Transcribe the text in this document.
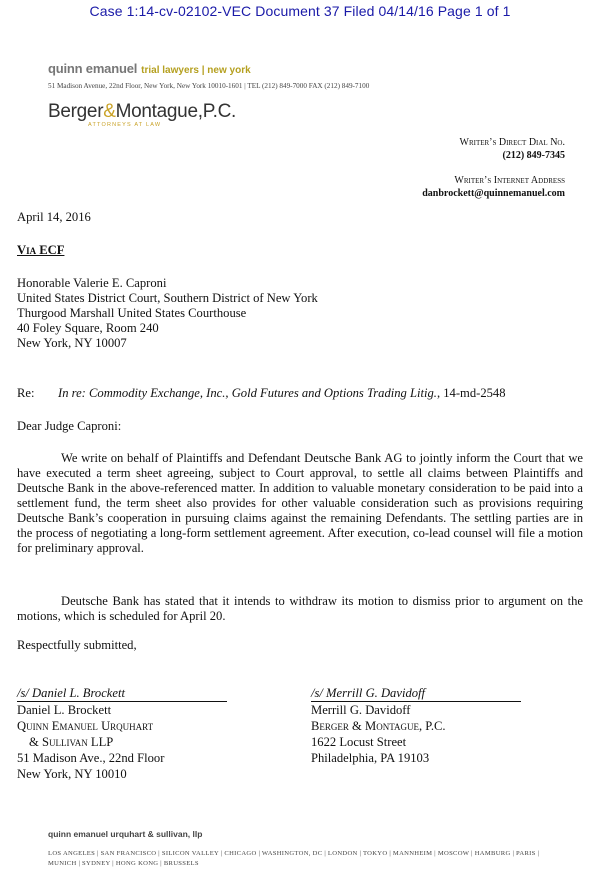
Case 1:14-cv-02102-VEC Document 37 Filed 04/14/16 Page 1 of 1
quinn emanuel trial lawyers | new york
51 Madison Avenue, 22nd Floor, New York, New York 10010-1601 | TEL (212) 849-7000 FAX (212) 849-7100
Berger&Montague,P.C.
ATTORNEYS AT LAW
Writer’s Direct Dial No.
(212) 849-7345
Writer’s Internet Address
danbrockett@quinnemanuel.com
April 14, 2016
Via ECF
Honorable Valerie E. Caproni
United States District Court, Southern District of New York
Thurgood Marshall United States Courthouse
40 Foley Square, Room 240
New York, NY 10007
Re: In re: Commodity Exchange, Inc., Gold Futures and Options Trading Litig., 14-md-2548
Dear Judge Caproni:
We write on behalf of Plaintiffs and Defendant Deutsche Bank AG to jointly inform the Court that we have executed a term sheet agreeing, subject to Court approval, to settle all claims between Plaintiffs and Deutsche Bank in the above-referenced matter. In addition to valuable monetary consideration to be paid into a settlement fund, the term sheet also provides for other valuable consideration such as provisions requiring Deutsche Bank’s cooperation in pursuing claims against the remaining Defendants. The settling parties are in the process of negotiating a long-form settlement agreement. After execution, co-lead counsel will file a motion for preliminary approval.
Deutsche Bank has stated that it intends to withdraw its motion to dismiss prior to argument on the motions, which is scheduled for April 20.
Respectfully submitted,
/s/ Daniel L. Brockett
Daniel L. Brockett
Quinn Emanuel Urquhart
& Sullivan LLP
51 Madison Ave., 22nd Floor
New York, NY 10010
/s/ Merrill G. Davidoff
Merrill G. Davidoff
Berger & Montague, P.C.
1622 Locust Street
Philadelphia, PA 19103
quinn emanuel urquhart & sullivan, llp
LOS ANGELES | SAN FRANCISCO | SILICON VALLEY | CHICAGO | WASHINGTON, DC | LONDON | TOKYO | MANNHEIM | MOSCOW | HAMBURG | PARIS |
MUNICH | SYDNEY | HONG KONG | BRUSSELS
